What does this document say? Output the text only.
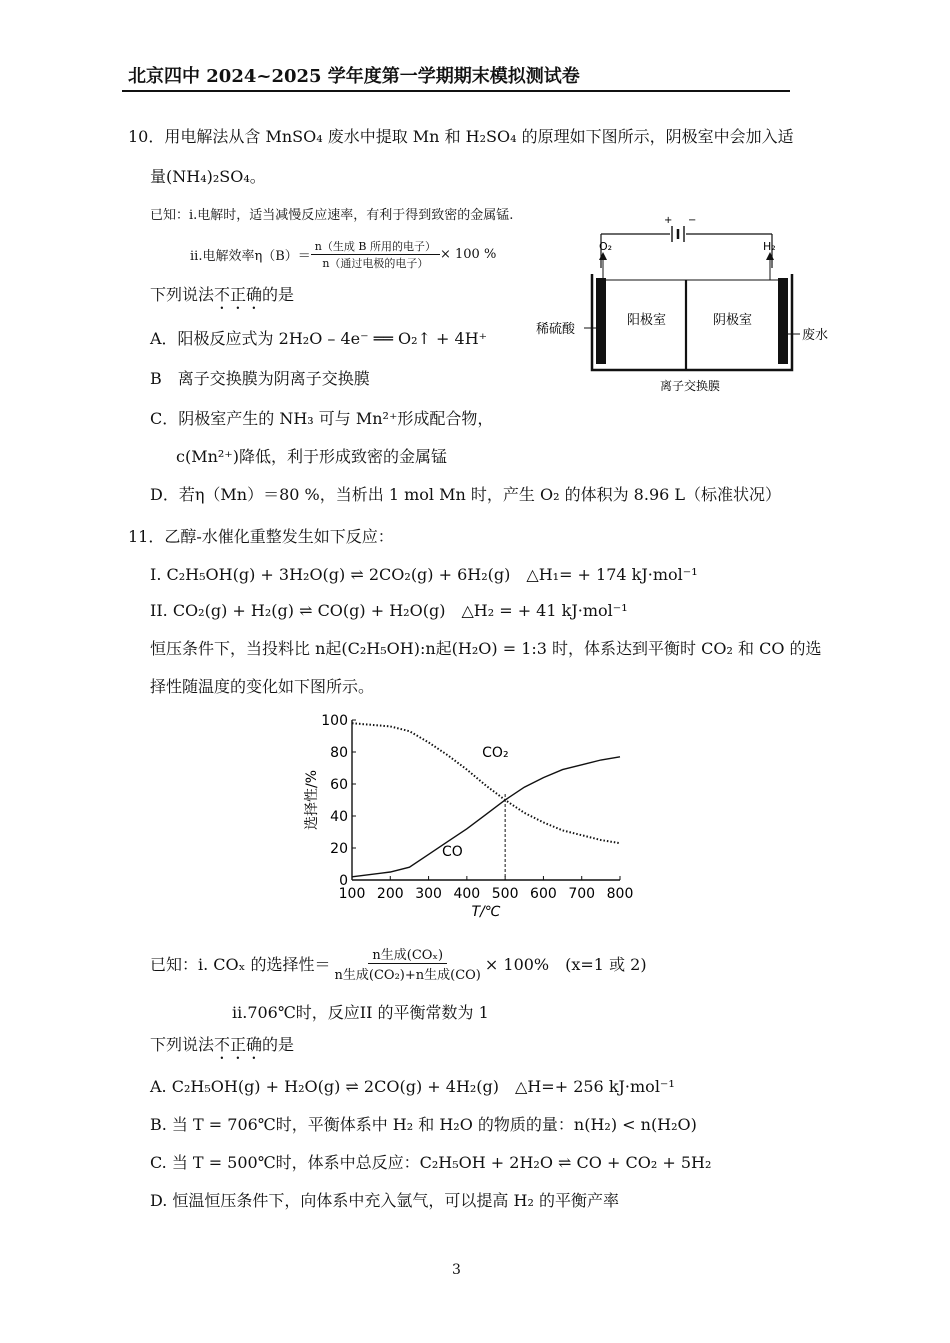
北京四中 2024~2025 学年度第一学期期末模拟测试卷
10．用电解法从含 MnSO₄ 废水中提取 Mn 和 H₂SO₄ 的原理如下图所示，阴极室中会加入适
量(NH₄)₂SO₄。
已知：i.电解时，适当减慢反应速率，有利于得到致密的金属锰.
ii.电解效率$\eta(B)= \frac{\text{n（生成 B 所用的电子）}}{\text{n（通过电极的电子）}} \times 100$ %
下列说法不正确的是
A．阳极反应式为 2H₂O – 4e⁻ ══ O₂↑ + 4H⁺
B　离子交换膜为阴离子交换膜
C．阴极室产生的 NH₃ 可与 Mn²⁺形成配合物，
c(Mn²⁺)降低，利于形成致密的金属锰
D．若η（Mn）＝80 %，当析出 1 mol Mn 时，产生 O₂ 的体积为 8.96 L（标准状况）
+ −
O₂	H₂
阳极室	阴极室
稀硫酸	废水
离子交换膜
11．乙醇-水催化重整发生如下反应：
I. C₂H₅OH(g) + 3H₂O(g) ⇌ 2CO₂(g) + 6H₂(g)　△H₁= + 174 kJ·mol⁻¹
II. CO₂(g) + H₂(g) ⇌ CO(g) + H₂O(g)　△H₂ = + 41 kJ·mol⁻¹
恒压条件下，当投料比 n起(C₂H₅OH):n起(H₂O) = 1:3 时，体系达到平衡时 CO₂ 和 CO 的选
择性随温度的变化如下图所示。
100 200 300 400 500 600 700 800
0
20
40
60
80
100
T/℃
选择性/%
CO₂
CO
已知：i. COₓ 的选择性＝ $\frac{\text{n生成(COₓ)}}{\text{n生成(CO₂)+n生成(CO)}} \times 100\%$　(x=1 或 2)
ii.706℃时，反应II 的平衡常数为 1
下列说法不正确的是
A. C₂H₅OH(g) + H₂O(g) ⇌ 2CO(g) + 4H₂(g)　△H=+ 256 kJ·mol⁻¹
B. 当 T = 706℃时，平衡体系中 H₂ 和 H₂O 的物质的量：n(H₂) < n(H₂O)
C. 当 T = 500℃时，体系中总反应：C₂H₅OH + 2H₂O ⇌ CO + CO₂ + 5H₂
D. 恒温恒压条件下，向体系中充入氩气，可以提高 H₂ 的平衡产率
3
